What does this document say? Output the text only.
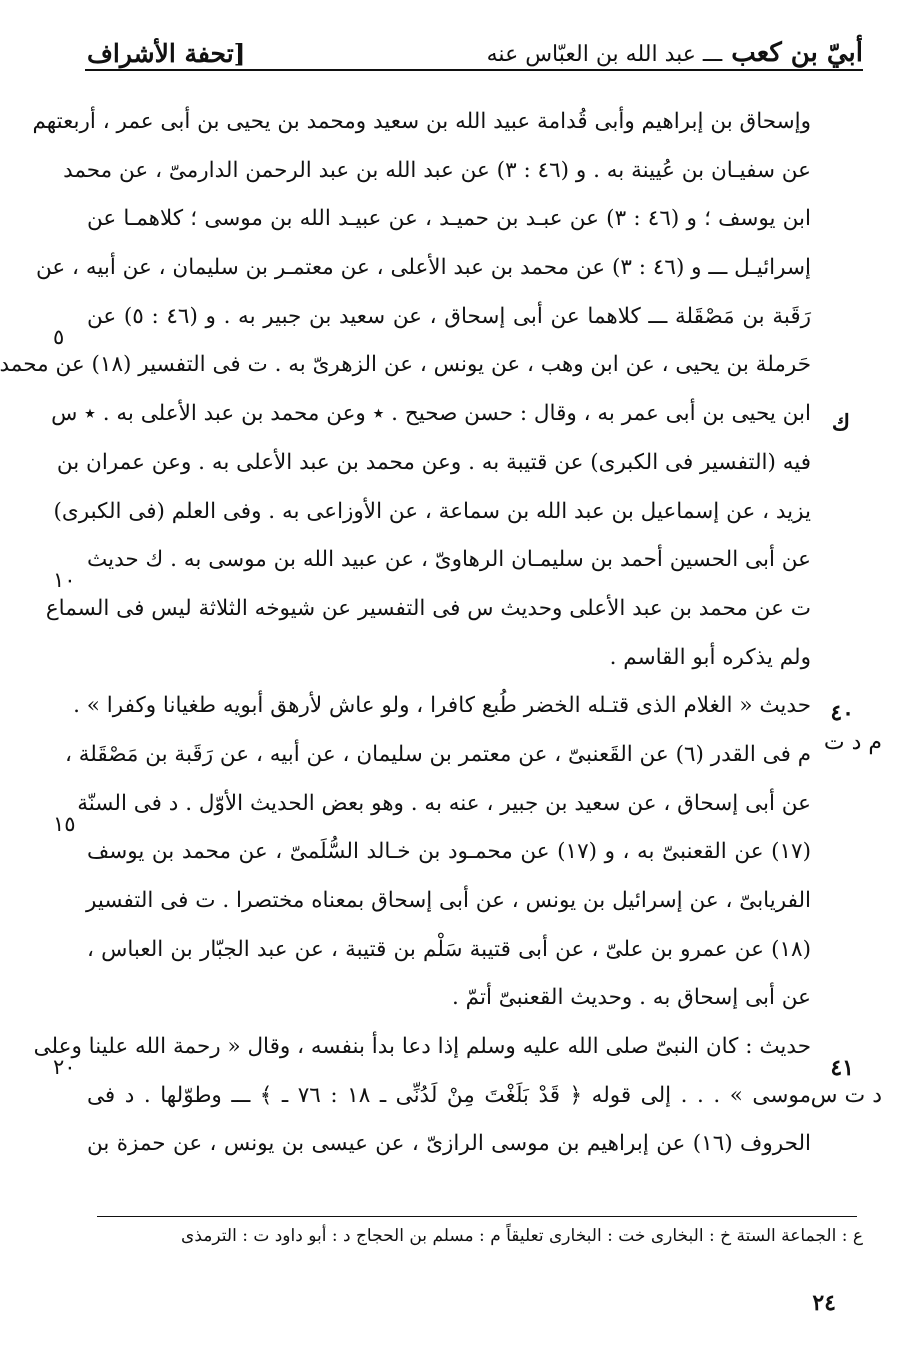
أبيّ بن كعب ـــ عبد الله بن العبّاس عنه
[تحفة الأشراف
وإسحاق بن إبراهيم وأبى قُدامة عبيد الله بن سعيد ومحمد بن يحيى بن أبى عمر ، أربعتهم
عن سفيـان بن عُيينة به . و (٤٦ : ٣) عن عبد الله بن عبد الرحمن الدارمىّ ، عن محمد
ابن يوسف ؛ و (٤٦ : ٣) عن عبـد بن حميـد ، عن عبيـد الله بن موسى ؛ كلاهمـا عن
إسرائيـل ـــ و (٤٦ : ٣) عن محمد بن عبد الأعلى ، عن معتمـر بن سليمان ، عن أبيه ، عن
رَقَبة بن مَصْقَلة ـــ كلاهما عن أبى إسحاق ، عن سعيد بن جبير به . و (٤٦ : ٥) عن
حَرملة بن يحيى ، عن ابن وهب ، عن يونس ، عن الزهرىّ به . ت فى التفسير (١٨) عن محمد
ابن يحيى بن أبى عمر به ، وقال : حسن صحيح . ٭ وعن محمد بن عبد الأعلى به . ٭ س
فيه (التفسير فى الكبرى) عن قتيبة به . وعن محمد بن عبد الأعلى به . وعن عمران بن
يزيد ، عن إسماعيل بن عبد الله بن سماعة ، عن الأوزاعى به . وفى العلم (فى الكبرى)
عن أبى الحسين أحمد بن سليمـان الرهاوىّ ، عن عبيد الله بن موسى به . ك حديث
ت عن محمد بن عبد الأعلى وحديث س فى التفسير عن شيوخه الثلاثة ليس فى السماع
ولم يذكره أبو القاسم .
حديث « الغلام الذى قتـله الخضر طُبع كافرا ، ولو عاش لأرهق أبويه طغيانا وكفرا » .
م فى القدر (٦) عن القَعنبىّ ، عن معتمر بن سليمان ، عن أبيه ، عن رَقَبة بن مَصْقَلة ،
عن أبى إسحاق ، عن سعيد بن جبير ، عنه به . وهو بعض الحديث الأوّل . د فى السنّة
(١٧) عن القعنبىّ به ، و (١٧) عن محمـود بن خـالد السُّلَمىّ ، عن محمد بن يوسف
الفريابىّ ، عن إسرائيل بن يونس ، عن أبى إسحاق بمعناه مختصرا . ت فى التفسير
(١٨) عن عمرو بن علىّ ، عن أبى قتيبة سَلْم بن قتيبة ، عن عبد الجبّار بن العباس ،
عن أبى إسحاق به . وحديث القعنبىّ أتمّ .
حديث : كان النبىّ صلى الله عليه وسلم إذا دعا بدأ بنفسه ، وقال « رحمة الله علينا وعلى
موسى » . . . إلى قوله ﴿ قَدْ بَلَغْتَ مِنْ لَدُنِّى ـ ١٨ : ٧٦ ـ ﴾ ـــ وطوّلها . د فى
الحروف (١٦) عن إبراهيم بن موسى الرازىّ ، عن عيسى بن يونس ، عن حمزة بن
٥
١٠
١٥
٢٠
ك
٤٠
م د ت
٤١
د ت س
ع : الجماعة الستة خ : البخارى خت : البخارى تعليقاً م : مسلم بن الحجاج د : أبو داود ت : الترمذى
٢٤
